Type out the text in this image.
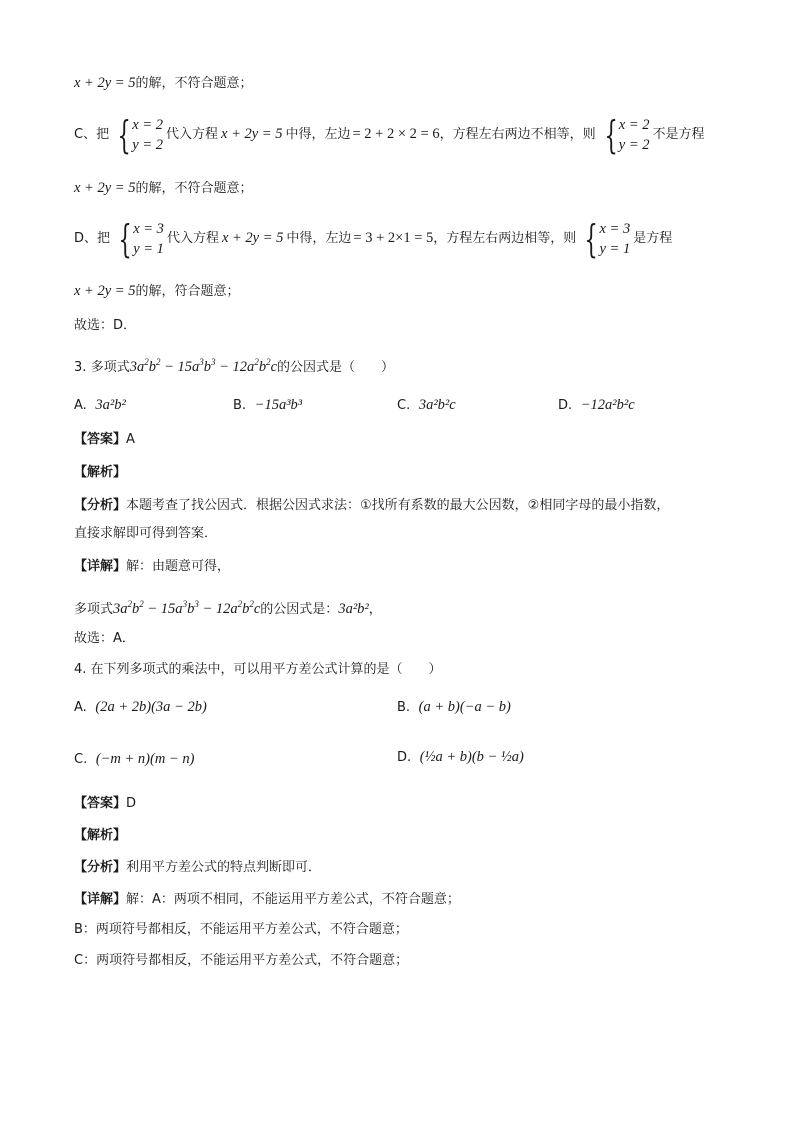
x + 2y = 5的解，不符合题意；
C、把 { x = 2
y = 2
代入方程 x + 2y = 5 中得，左边 = 2 + 2 × 2 = 6，方程左右两边不相等，则 { x = 2
y = 2
不是方程
x + 2y = 5的解，不符合题意；
D、把 { x = 3
y = 1
代入方程 x + 2y = 5 中得，左边 = 3 + 2×1 = 5，方程左右两边相等，则 { x = 3
y = 1
是方程
x + 2y = 5的解，符合题意；
故选：D．
3. 多项式$3a^2b^2 - 15a^3b^3 - 12a^2b^2c$的公因式是（　　）
A. 3a²b²	B. −15a³b³	C. 3a²b²c	D. −12a²b²c
【答案】A
【解析】
【分析】本题考查了找公因式．根据公因式求法：①找所有系数的最大公因数，②相同字母的最小指数，
直接求解即可得到答案．
【详解】解：由题意可得，
多项式$3a^2b^2 - 15a^3b^3 - 12a^2b^2c$的公因式是：3a²b²，
故选：A．
4. 在下列多项式的乘法中，可以用平方差公式计算的是（　　）
A. (2a + 2b)(3a − 2b)	B. (a + b)(−a − b)
C. (−m + n)(m − n)	D. (½a + b)(b − ½a)
【答案】D
【解析】
【分析】利用平方差公式的特点判断即可．
【详解】解：A：两项不相同，不能运用平方差公式，不符合题意；
B：两项符号都相反，不能运用平方差公式，不符合题意；
C：两项符号都相反，不能运用平方差公式，不符合题意；
